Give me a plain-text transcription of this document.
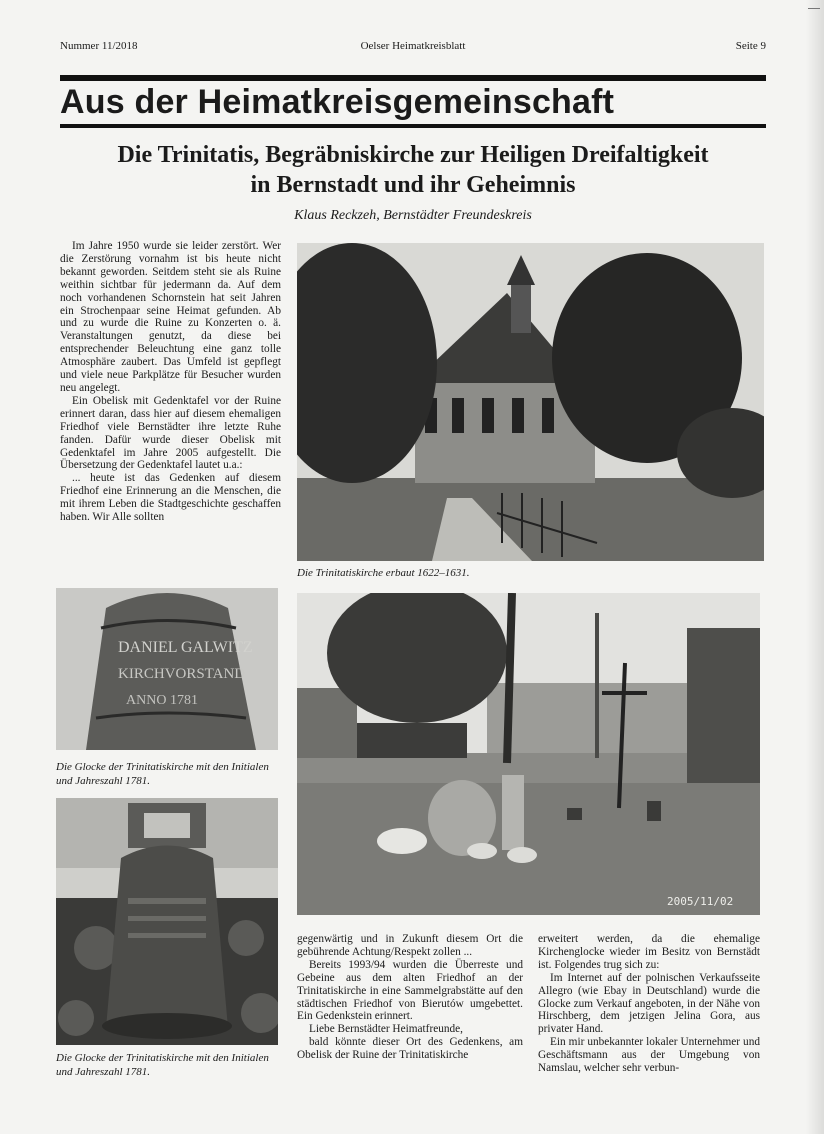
Nummer 11/2018	Oelser Heimatkreisblatt	Seite 9
Aus der Heimatkreisgemeinschaft
Die Trinitatis, Begräbniskirche zur Heiligen Dreifaltigkeit
in Bernstadt und ihr Geheimnis
Klaus Reckzeh, Bernstädter Freundeskreis

Im Jahre 1950 wurde sie leider zerstört. Wer die Zerstörung vornahm ist bis heute nicht bekannt geworden. Seitdem steht sie als Ruine weithin sichtbar für jedermann da. Auf dem noch vorhandenen Schornstein hat seit Jahren ein Strochenpaar seine Heimat gefunden. Ab und zu wurde die Ruine zu Konzerten o. ä. Veranstaltungen genutzt, da diese bei entsprechender Beleuchtung eine ganz tolle Atmosphäre zaubert. Das Umfeld ist gepflegt und viele neue Parkplätze für Besucher wurden neu angelegt.

Ein Obelisk mit Gedenktafel vor der Ruine erinnert daran, dass hier auf diesem ehemaligen Friedhof viele Bernstädter ihre letzte Ruhe fanden. Dafür wurde dieser Obelisk mit Gedenktafel im Jahre 2005 aufgestellt. Die Übersetzung der Gedenktafel lautet u.a.:

... heute ist das Gedenken auf diesem Friedhof eine Erinnerung an die Menschen, die mit ihrem Leben die Stadtgeschichte geschaffen haben. Wir Alle sollten

Die Trinitatiskirche erbaut 1622–1631.
DANIEL GALWITZ
KIRCHVORSTAND
ANNO 1781
Die Glocke der Trinitatiskirche mit den Initialen und Jahreszahl 1781.
2005/11/02
Die Glocke der Trinitatiskirche mit den Initialen und Jahreszahl 1781.

gegenwärtig und in Zukunft diesem Ort die gebührende Achtung/Respekt zollen ...

Bereits 1993/94 wurden die Überreste und Gebeine aus dem alten Friedhof an der Trinitatiskirche in eine Sammelgrabstätte auf den städtischen Friedhof von Bierutów umgebettet. Ein Gedenkstein erinnert.

Liebe Bernstädter Heimatfreunde,

bald könnte dieser Ort des Gedenkens, am Obelisk der Ruine der Trinitatiskirche

erweitert werden, da die ehemalige Kirchenglocke wieder im Besitz von Bernstädt ist. Folgendes trug sich zu:

Im Internet auf der polnischen Verkaufsseite Allegro (wie Ebay in Deutschland) wurde die Glocke zum Verkauf angeboten, in der Nähe von Hirschberg, dem jetzigen Jelina Gora, aus privater Hand.

Ein mir unbekannter lokaler Unternehmer und Geschäftsmann aus der Umgebung von Namslau, welcher sehr verbun-
